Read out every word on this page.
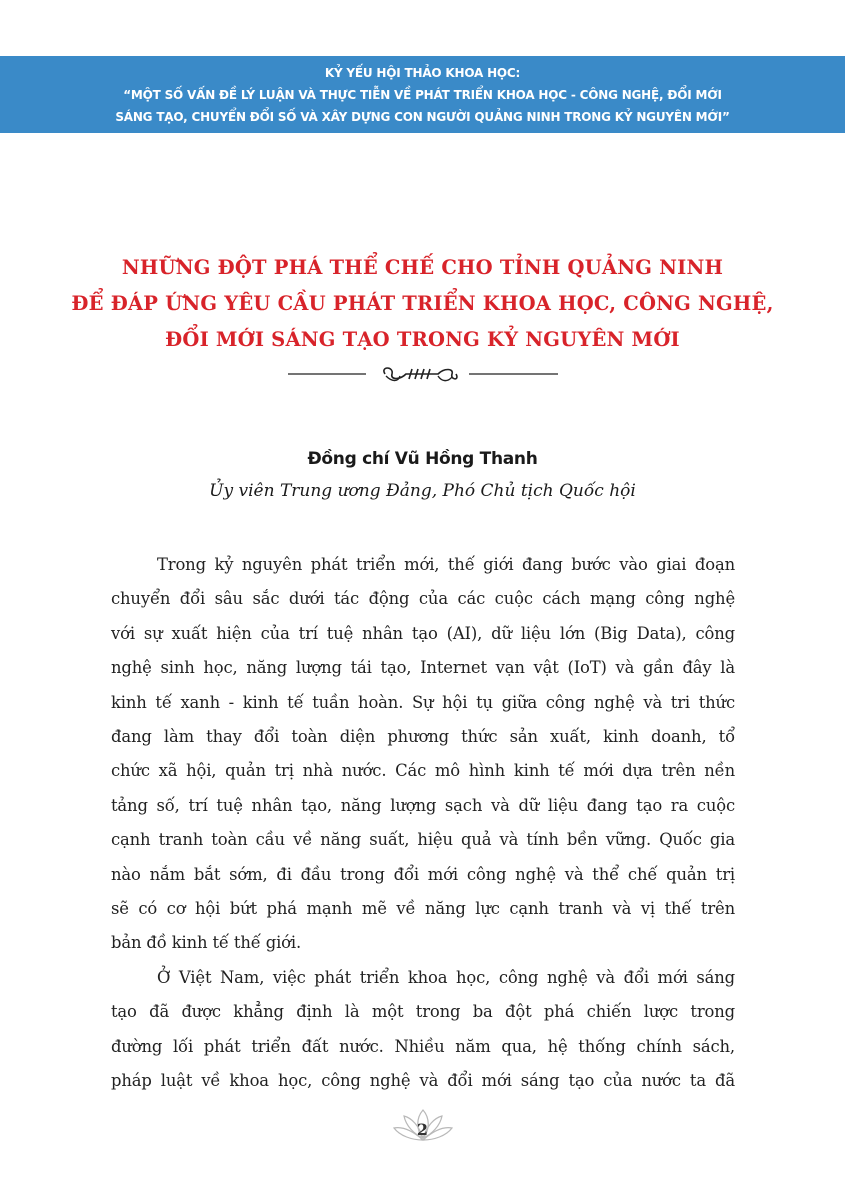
KỶ YẾU HỘI THẢO KHOA HỌC:
“MỘT SỐ VẤN ĐỀ LÝ LUẬN VÀ THỰC TIỄN VỀ PHÁT TRIỂN KHOA HỌC - CÔNG NGHỆ, ĐỔI MỚI
SÁNG TẠO, CHUYỂN ĐỔI SỐ VÀ XÂY DỰNG CON NGƯỜI QUẢNG NINH TRONG KỶ NGUYÊN MỚI”
NHỮNG ĐỘT PHÁ THỂ CHẾ CHO TỈNH QUẢNG NINH
ĐỂ ĐÁP ỨNG YÊU CẦU PHÁT TRIỂN KHOA HỌC, CÔNG NGHỆ,
ĐỔI MỚI SÁNG TẠO TRONG KỶ NGUYÊN MỚI
Đồng chí Vũ Hồng Thanh
Ủy viên Trung ương Đảng, Phó Chủ tịch Quốc hội
Trong kỷ nguyên phát triển mới, thế giới đang bước vào giai đoạn
chuyển đổi sâu sắc dưới tác động của các cuộc cách mạng công nghệ
với sự xuất hiện của trí tuệ nhân tạo (AI), dữ liệu lớn (Big Data), công
nghệ sinh học, năng lượng tái tạo, Internet vạn vật (IoT) và gần đây là
kinh tế xanh - kinh tế tuần hoàn. Sự hội tụ giữa công nghệ và tri thức
đang làm thay đổi toàn diện phương thức sản xuất, kinh doanh, tổ
chức xã hội, quản trị nhà nước. Các mô hình kinh tế mới dựa trên nền
tảng số, trí tuệ nhân tạo, năng lượng sạch và dữ liệu đang tạo ra cuộc
cạnh tranh toàn cầu về năng suất, hiệu quả và tính bền vững. Quốc gia
nào nắm bắt sớm, đi đầu trong đổi mới công nghệ và thể chế quản trị
sẽ có cơ hội bứt phá mạnh mẽ về năng lực cạnh tranh và vị thế trên
bản đồ kinh tế thế giới.
Ở Việt Nam, việc phát triển khoa học, công nghệ và đổi mới sáng
tạo đã được khẳng định là một trong ba đột phá chiến lược trong
đường lối phát triển đất nước. Nhiều năm qua, hệ thống chính sách,
pháp luật về khoa học, công nghệ và đổi mới sáng tạo của nước ta đã
2
